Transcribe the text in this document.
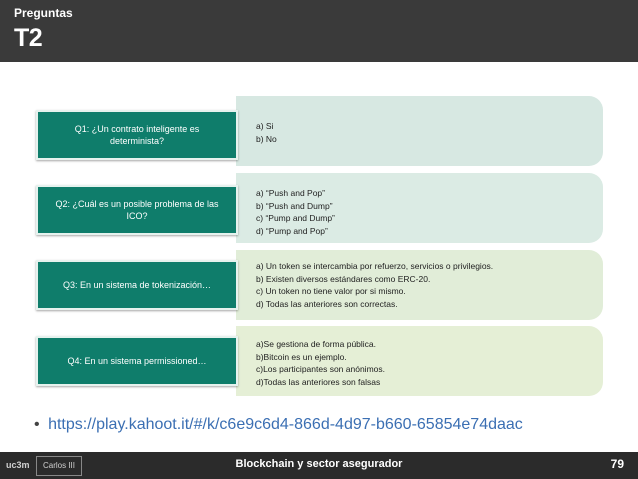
Preguntas
T2
Q1: ¿Un contrato inteligente es determinista?
a) Si
b) No
Q2: ¿Cuál es un posible problema de las ICO?
a) “Push and Pop”
b) “Push and Dump”
c) “Pump and Dump”
d) “Pump and Pop”
Q3: En un sistema de tokenización…
a) Un token se intercambia por refuerzo, servicios o privilegios.
b) Existen diversos estándares como ERC-20.
c) Un token no tiene valor por si mismo.
d) Todas las anteriores son correctas.
Q4: En un sistema permissioned…
a)Se gestiona de forma pública.
b)Bitcoin es un ejemplo.
c)Los participantes son anónimos.
d)Todas las anteriores son falsas
• https://play.kahoot.it/#/k/c6e9c6d4-866d-4d97-b660-65854e74daac
uc3m	Carlos III	Blockchain y sector asegurador	79
